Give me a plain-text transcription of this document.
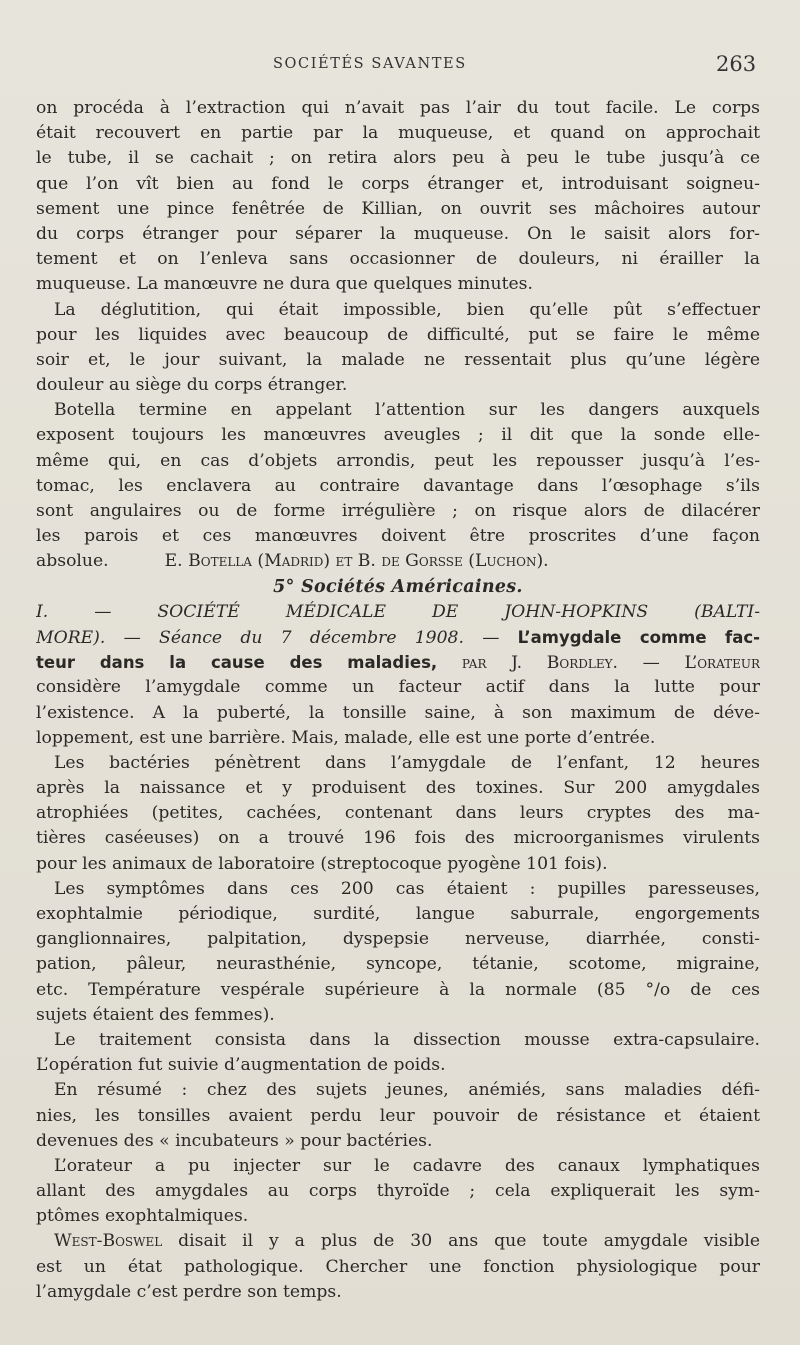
SOCIÉTÉS SAVANTES	263
on procéda à l’extraction qui n’avait pas l’air du tout facile. Le corps
était recouvert en partie par la muqueuse, et quand on approchait
le tube, il se cachait ; on retira alors peu à peu le tube jusqu’à ce
que l’on vît bien au fond le corps étranger et, introduisant soigneu-
sement une pince fenêtrée de Killian, on ouvrit ses mâchoires autour
du corps étranger pour séparer la muqueuse. On le saisit alors for-
tement et on l’enleva sans occasionner de douleurs, ni érailler la
muqueuse. La manœuvre ne dura que quelques minutes.
La déglutition, qui était impossible, bien qu’elle pût s’effectuer
pour les liquides avec beaucoup de difficulté, put se faire le même
soir et, le jour suivant, la malade ne ressentait plus qu’une légère
douleur au siège du corps étranger.
Botella termine en appelant l’attention sur les dangers auxquels
exposent toujours les manœuvres aveugles ; il dit que la sonde elle-
même qui, en cas d’objets arrondis, peut les repousser jusqu’à l’es-
tomac, les enclavera au contraire davantage dans l’œsophage s’ils
sont angulaires ou de forme irrégulière ; on risque alors de dilacérer
les parois et ces manœuvres doivent être proscrites d’une façon
absolue.	E. Botella (Madrid) et B. de Gorsse (Luchon).
5° Sociétés Américaines.
I. — SOCIÉTÉ MÉDICALE DE JOHN-HOPKINS (BALTI-
MORE). — Séance du 7 décembre 1908. — L’amygdale comme fac-
teur dans la cause des maladies, par J. Bordley. — L’orateur
considère l’amygdale comme un facteur actif dans la lutte pour
l’existence. A la puberté, la tonsille saine, à son maximum de déve-
loppement, est une barrière. Mais, malade, elle est une porte d’entrée.
Les bactéries pénètrent dans l’amygdale de l’enfant, 12 heures
après la naissance et y produisent des toxines. Sur 200 amygdales
atrophiées (petites, cachées, contenant dans leurs cryptes des ma-
tières caséeuses) on a trouvé 196 fois des microorganismes virulents
pour les animaux de laboratoire (streptocoque pyogène 101 fois).
Les symptômes dans ces 200 cas étaient : pupilles paresseuses,
exophtalmie périodique, surdité, langue saburrale, engorgements
ganglionnaires, palpitation, dyspepsie nerveuse, diarrhée, consti-
pation, pâleur, neurasthénie, syncope, tétanie, scotome, migraine,
etc. Température vespérale supérieure à la normale (85 °/o de ces
sujets étaient des femmes).
Le traitement consista dans la dissection mousse extra-capsulaire.
L’opération fut suivie d’augmentation de poids.
En résumé : chez des sujets jeunes, anémiés, sans maladies défi-
nies, les tonsilles avaient perdu leur pouvoir de résistance et étaient
devenues des « incubateurs » pour bactéries.
L’orateur a pu injecter sur le cadavre des canaux lymphatiques
allant des amygdales au corps thyroïde ; cela expliquerait les sym-
ptômes exophtalmiques.
West-Boswel disait il y a plus de 30 ans que toute amygdale visible
est un état pathologique. Chercher une fonction physiologique pour
l’amygdale c’est perdre son temps.
